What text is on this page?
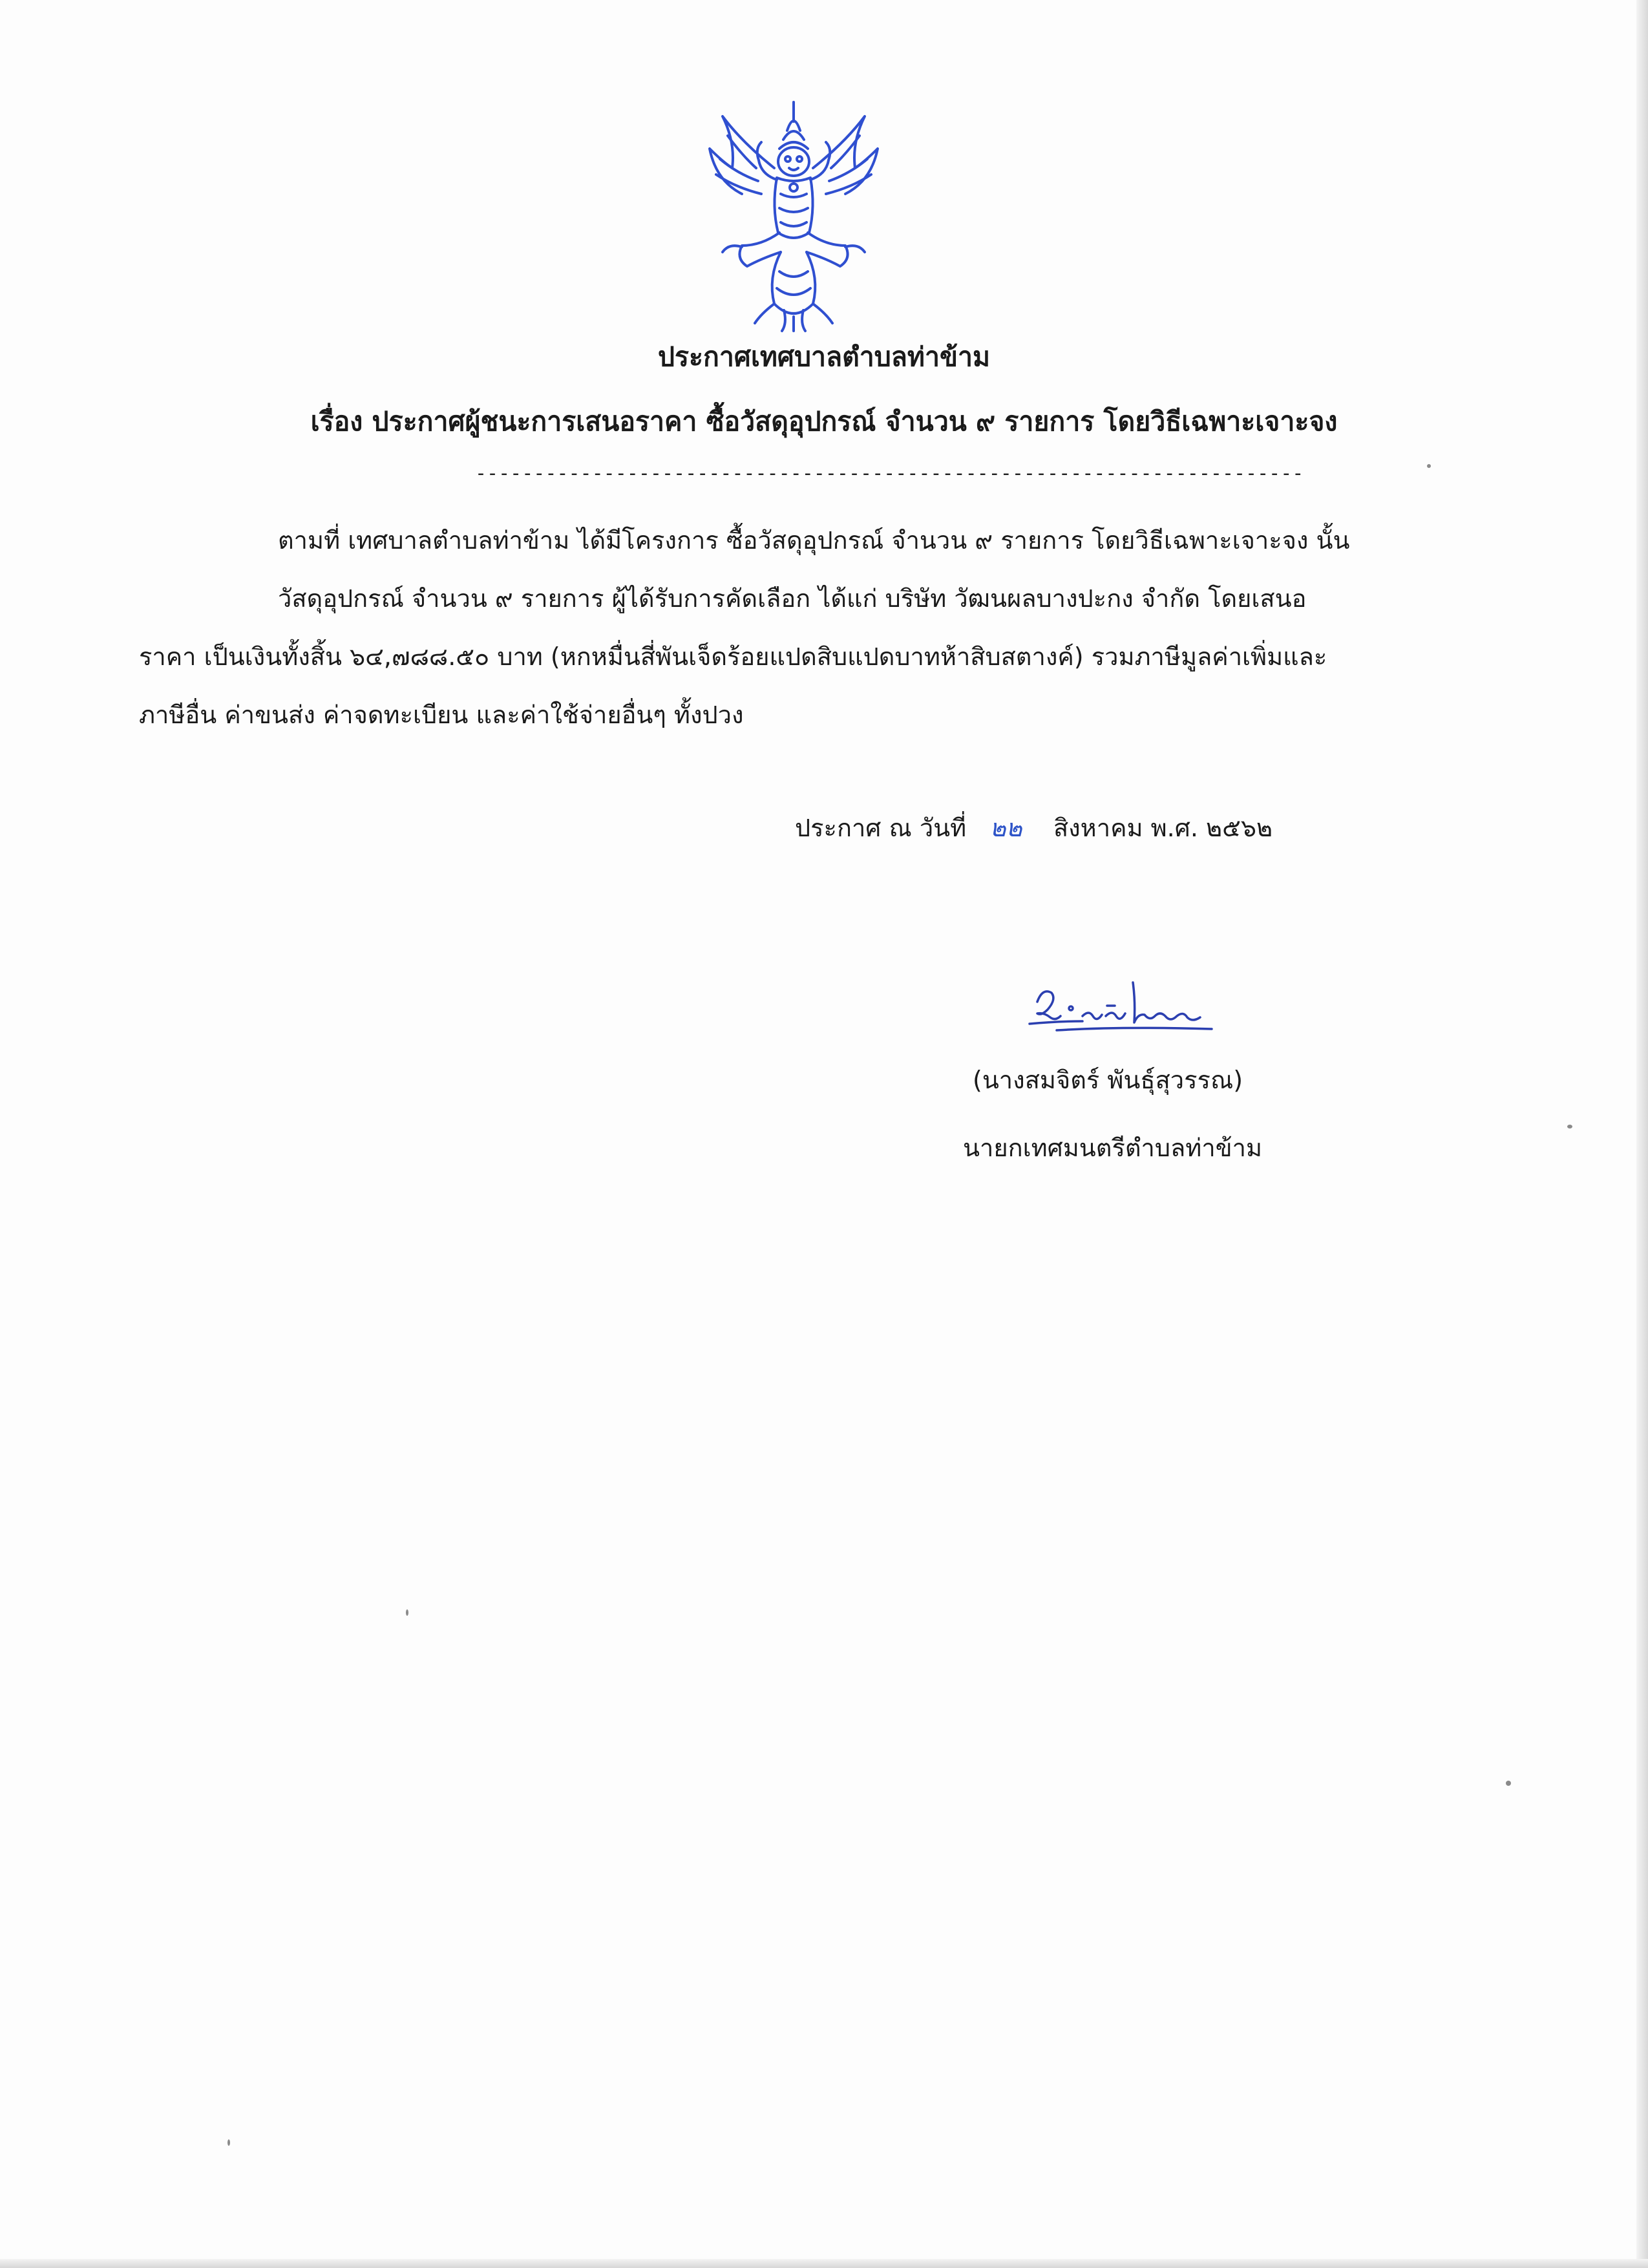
ประกาศเทศบาลตำบลท่าข้าม
เรื่อง ประกาศผู้ชนะการเสนอราคา ซื้อวัสดุอุปกรณ์ จำนวน ๙ รายการ โดยวิธีเฉพาะเจาะจง
-----------------------------------------------------------------------
ตามที่ เทศบาลตำบลท่าข้าม ได้มีโครงการ ซื้อวัสดุอุปกรณ์ จำนวน ๙ รายการ โดยวิธีเฉพาะเจาะจง นั้น
วัสดุอุปกรณ์ จำนวน ๙ รายการ ผู้ได้รับการคัดเลือก ได้แก่ บริษัท วัฒนผลบางปะกง จำกัด โดยเสนอ
ราคา เป็นเงินทั้งสิ้น ๖๔,๗๘๘.๕๐ บาท (หกหมื่นสี่พันเจ็ดร้อยแปดสิบแปดบาทห้าสิบสตางค์) รวมภาษีมูลค่าเพิ่มและ
ภาษีอื่น ค่าขนส่ง ค่าจดทะเบียน และค่าใช้จ่ายอื่นๆ ทั้งปวง
ประกาศ ณ วันที่ ๒๒ สิงหาคม พ.ศ. ๒๕๖๒
(นางสมจิตร์ พันธุ์สุวรรณ)
นายกเทศมนตรีตำบลท่าข้าม
